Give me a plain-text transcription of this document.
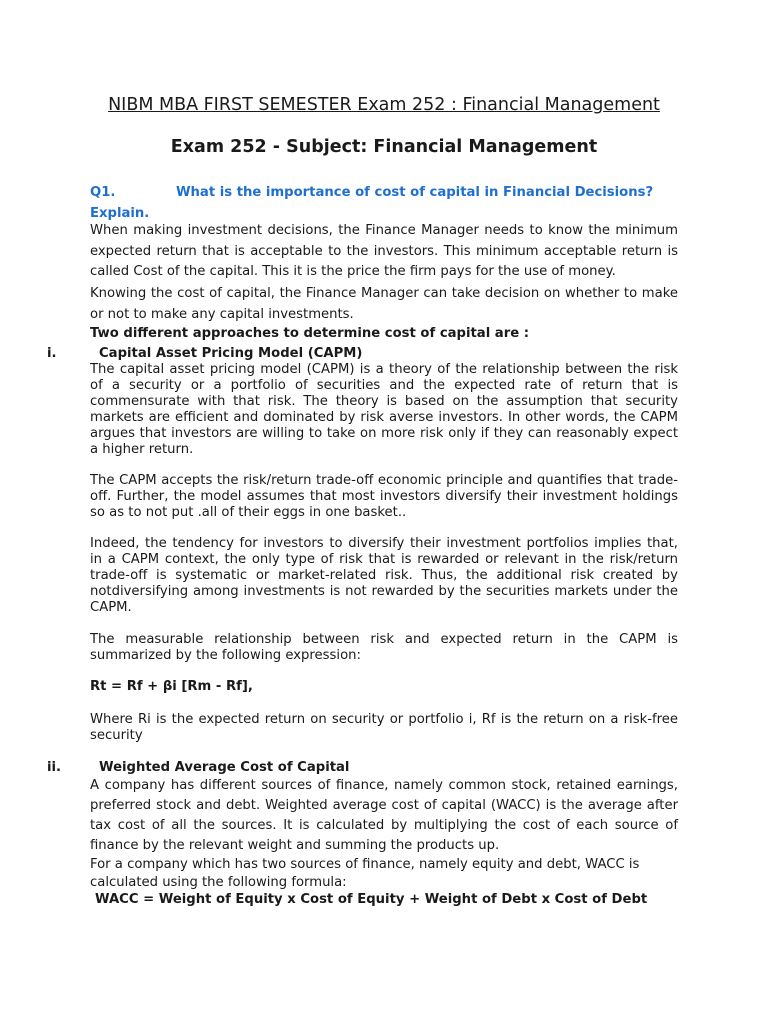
NIBM MBA FIRST SEMESTER Exam 252 : Financial Management
Exam 252 - Subject: Financial Management
Q1.	What is the importance of cost of capital in Financial Decisions? Explain.
When making investment decisions, the Finance Manager needs to know the minimum expected return that is acceptable to the investors. This minimum acceptable return is called Cost of the capital. This it is the price the firm pays for the use of money.
Knowing the cost of capital, the Finance Manager can take decision on whether to make or not to make any capital investments.
Two different approaches to determine cost of capital are :
i.	Capital Asset Pricing Model (CAPM)
The capital asset pricing model (CAPM) is a theory of the relationship between the risk of a security or a portfolio of securities and the expected rate of return that is commensurate with that risk. The theory is based on the assumption that security markets are efficient and dominated by risk averse investors. In other words, the CAPM argues that investors are willing to take on more risk only if they can reasonably expect a higher return.
The CAPM accepts the risk/return trade-off economic principle and quantifies that trade-off. Further, the model assumes that most investors diversify their investment holdings so as to not put .all of their eggs in one basket..
Indeed, the tendency for investors to diversify their investment portfolios implies that, in a CAPM context, the only type of risk that is rewarded or relevant in the risk/return trade-off is systematic or market-related risk. Thus, the additional risk created by notdiversifying among investments is not rewarded by the securities markets under the CAPM.
The measurable relationship between risk and expected return in the CAPM is summarized by the following expression:
Rt = Rf + βi [Rm - Rf],
Where Ri is the expected return on security or portfolio i, Rf is the return on a risk-free security
ii.	Weighted Average Cost of Capital
A company has different sources of finance, namely common stock, retained earnings, preferred stock and debt. Weighted average cost of capital (WACC) is the average after tax cost of all the sources. It is calculated by multiplying the cost of each source of finance by the relevant weight and summing the products up.
For a company which has two sources of finance, namely equity and debt, WACC is calculated using the following formula:
WACC = Weight of Equity x Cost of Equity + Weight of Debt x Cost of Debt
